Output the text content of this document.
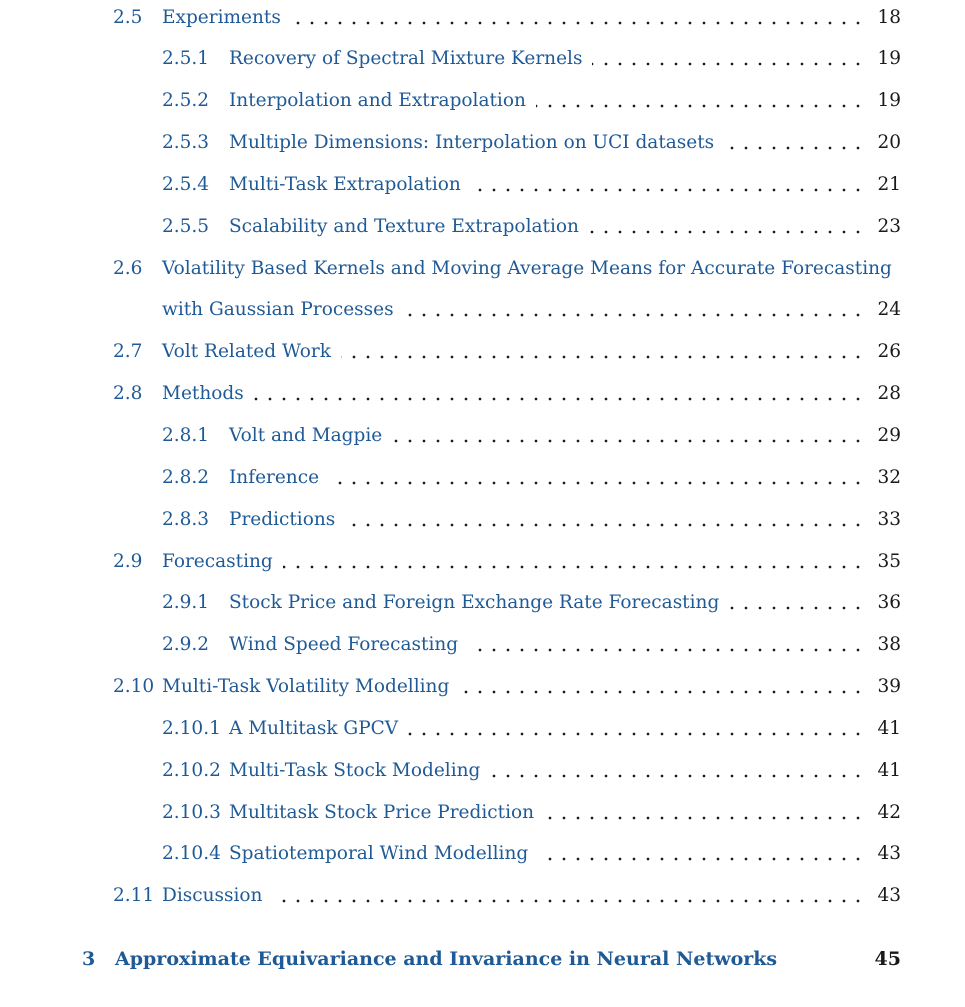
2.5 Experiments	18
2.5.1 Recovery of Spectral Mixture Kernels	19
2.5.2 Interpolation and Extrapolation	19
2.5.3 Multiple Dimensions: Interpolation on UCI datasets	20
2.5.4 Multi-Task Extrapolation	21
2.5.5 Scalability and Texture Extrapolation	23
2.6 Volatility Based Kernels and Moving Average Means for Accurate Forecasting
with Gaussian Processes	24
2.7 Volt Related Work	26
2.8 Methods	28
2.8.1 Volt and Magpie	29
2.8.2 Inference	32
2.8.3 Predictions	33
2.9 Forecasting	35
2.9.1 Stock Price and Foreign Exchange Rate Forecasting	36
2.9.2 Wind Speed Forecasting	38
2.10 Multi-Task Volatility Modelling	39
2.10.1 A Multitask GPCV	41
2.10.2 Multi-Task Stock Modeling	41
2.10.3 Multitask Stock Price Prediction	42
2.10.4 Spatiotemporal Wind Modelling	43
2.11 Discussion	43
3 Approximate Equivariance and Invariance in Neural Networks	45
